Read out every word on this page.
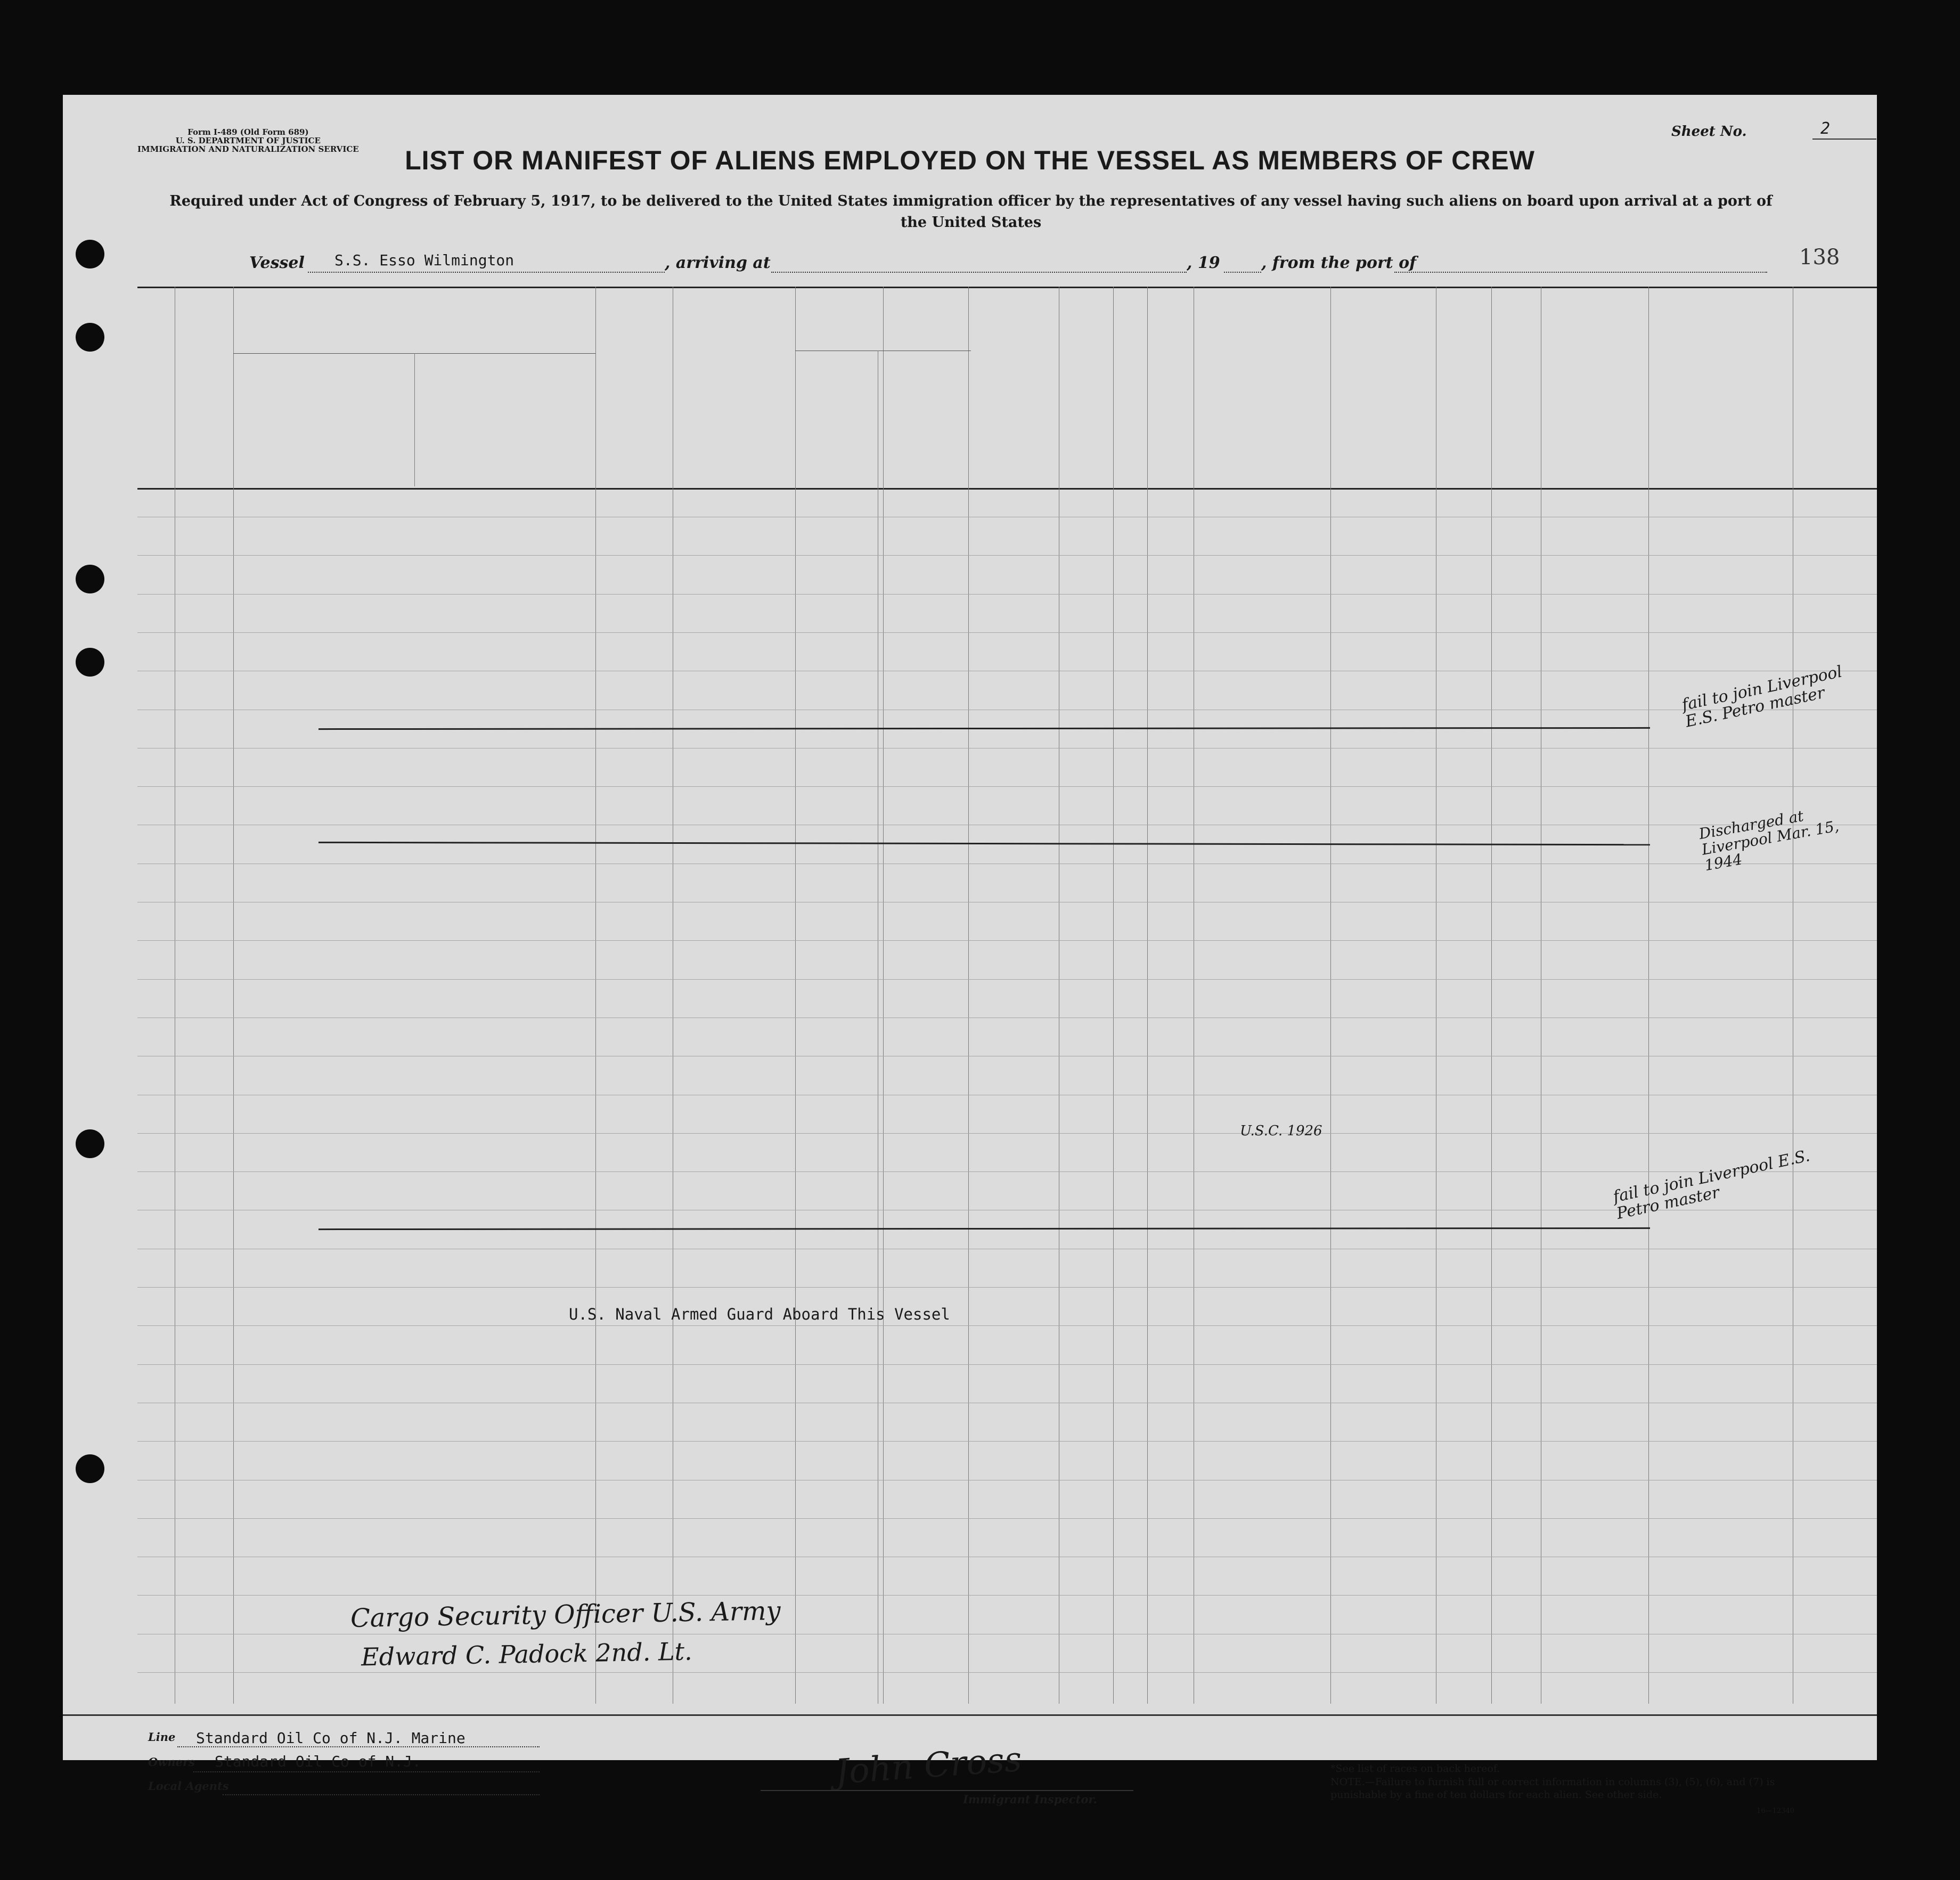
Form I-489 (Old Form 689)
U. S. DEPARTMENT OF JUSTICE
IMMIGRATION AND NATURALIZATION SERVICE
Sheet No.	2
LIST OR MANIFEST OF ALIENS EMPLOYED ON THE VESSEL AS MEMBERS OF CREW
Required under Act of Congress of February 5, 1917, to be delivered to the United States immigration officer by the representatives of any vessel having such aliens on board upon arrival at a port of the United States
Vessel S.S. Esso Wilmington	, arriving at	, 19	, from the port of	138
U.S. Naval Armed Guard Aboard This Vessel
fail to join Liverpool E.S. Petro master
Discharged at Liverpool Mar. 15, 1944
fail to join Liverpool E.S. Petro master
U.S.C. 1926
Cargo Security Officer U.S. Army
Edward C. Padock 2nd. Lt.
Line Standard Oil Co of N.J. Marine
Owners Standard Oil Co of N.J.
Local Agents	John Cross
Immigrant Inspector.
*See list of races on back hereof.
NOTE.—Failure to furnish full or correct information in columns (3), (5), (6), and (7) is punishable by a fine of ten dollars for each alien. See other side.
16—12340
